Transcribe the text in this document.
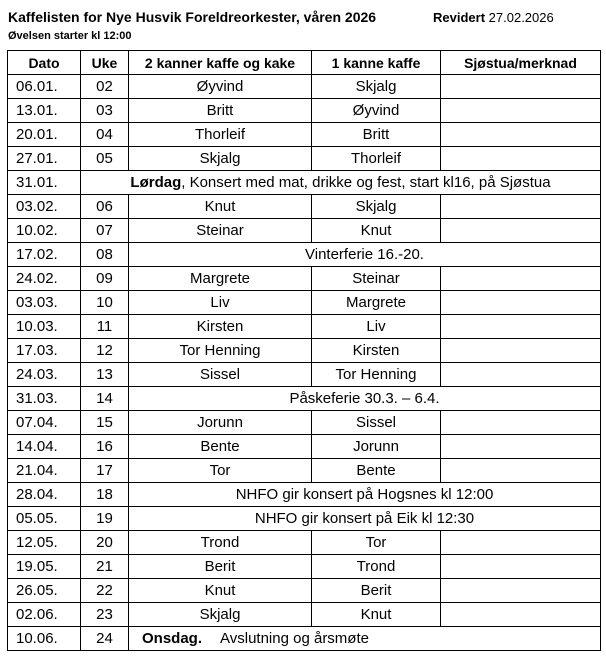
Kaffelisten for Nye Husvik Foreldreorkester, våren 2026	Revidert 27.02.2026
Øvelsen starter kl 12:00
Dato	Uke	2 kanner kaffe og kake	1 kanne kaffe	Sjøstua/merknad
06.01.	02	Øyvind	Skjalg	
13.01.	03	Britt	Øyvind	
20.01.	04	Thorleif	Britt	
27.01.	05	Skjalg	Thorleif	
31.01.	Lørdag, Konsert med mat, drikke og fest, start kl16, på Sjøstua			
03.02.	06	Knut	Skjalg	
10.02.	07	Steinar	Knut	
17.02.	08	Vinterferie 16.-20.		
24.02.	09	Margrete	Steinar	
03.03.	10	Liv	Margrete	
10.03.	11	Kirsten	Liv	
17.03.	12	Tor Henning	Kirsten	
24.03.	13	Sissel	Tor Henning	
31.03.	14	Påskeferie 30.3. – 6.4.		
07.04.	15	Jorunn	Sissel	
14.04.	16	Bente	Jorunn	
21.04.	17	Tor	Bente	
28.04.	18	NHFO gir konsert på Hogsnes kl 12:00		
05.05.	19	NHFO gir konsert på Eik kl 12:30		
12.05.	20	Trond	Tor	
19.05.	21	Berit	Trond	
26.05.	22	Knut	Berit	
02.06.	23	Skjalg	Knut	
10.06.	24	Onsdag. Avslutning og årsmøte		
